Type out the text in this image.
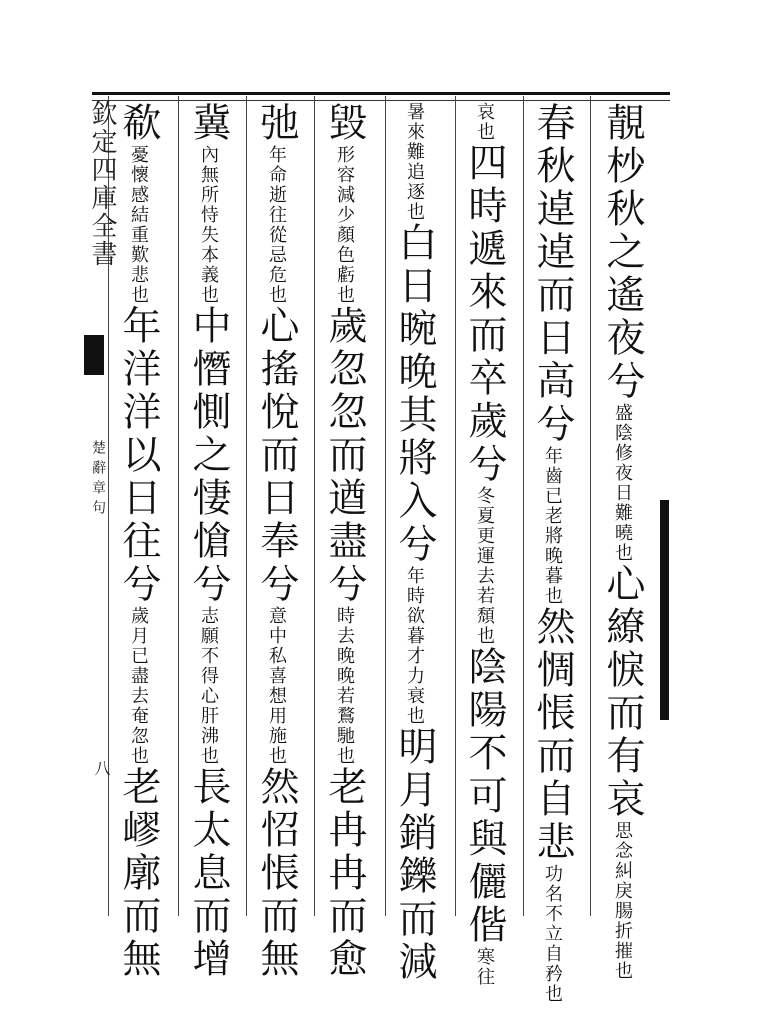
欽定四庫全書
楚辭章句
八
靚杪秋之遙夜兮盛陰修夜日難曉也心繚悷而有哀思念糾戾腸折摧也
春秋逴逴而日高兮年齒已老將晚暮也然惆悵而自悲功名不立自矜也
哀也四時遞來而卒歲兮冬夏更運去若頹也陰陽不可與儷偕寒往
暑來難追逐也白日晼晚其將入兮年時欲暮才力衰也明月銷鑠而減
毀形容減少顏色虧也歲忽忽而遒盡兮時去晚晚若鶩馳也老冉冉而愈
弛年命逝往從忌危也心搖悅而日奉兮意中私喜想用施也然怊悵而無
冀內無所恃失本義也中憯惻之悽愴兮志願不得心肝沸也長太息而增
欷憂懷感結重歎悲也年洋洋以日往兮歲月已盡去奄忽也老嵺廓而無
